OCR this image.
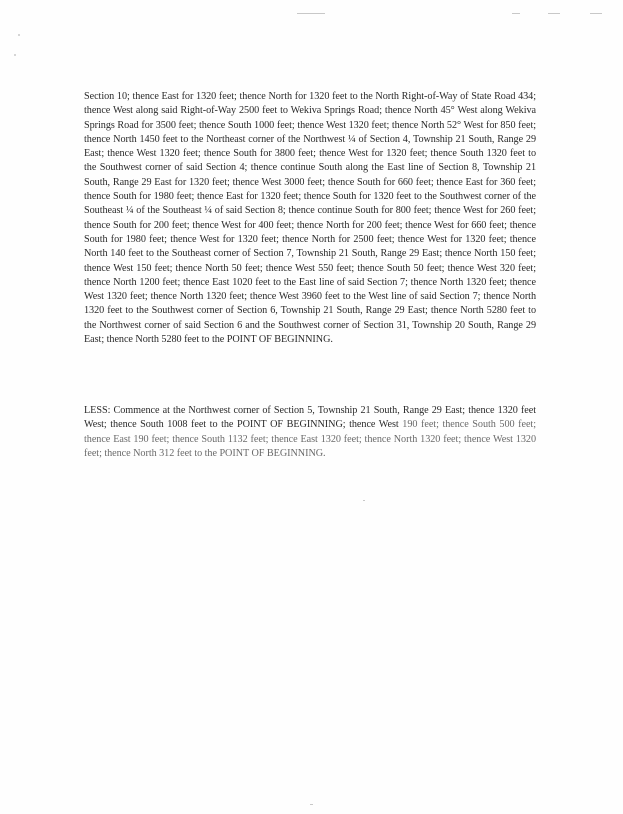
Section 10; thence East for 1320 feet; thence North for 1320 feet to the North Right-of-Way of State Road 434; thence West along said Right-of-Way 2500 feet to Wekiva Springs Road; thence North 45° West along Wekiva Springs Road for 3500 feet; thence South 1000 feet; thence West 1320 feet; thence North 52° West for 850 feet; thence North 1450 feet to the Northeast corner of the Northwest ¼ of Section 4, Township 21 South, Range 29 East; thence West 1320 feet; thence South for 3800 feet; thence West for 1320 feet; thence South 1320 feet to the Southwest corner of said Section 4; thence continue South along the East line of Section 8, Township 21 South, Range 29 East for 1320 feet; thence West 3000 feet; thence South for 660 feet; thence East for 360 feet; thence South for 1980 feet; thence East for 1320 feet; thence South for 1320 feet to the Southwest corner of the Southeast ¼ of the Southeast ¼ of said Section 8; thence continue South for 800 feet; thence West for 260 feet; thence South for 200 feet; thence West for 400 feet; thence North for 200 feet; thence West for 660 feet; thence South for 1980 feet; thence West for 1320 feet; thence North for 2500 feet; thence West for 1320 feet; thence North 140 feet to the Southeast corner of Section 7, Township 21 South, Range 29 East; thence North 150 feet; thence West 150 feet; thence North 50 feet; thence West 550 feet; thence South 50 feet; thence West 320 feet; thence North 1200 feet; thence East 1020 feet to the East line of said Section 7; thence North 1320 feet; thence West 1320 feet; thence North 1320 feet; thence West 3960 feet to the West line of said Section 7; thence North 1320 feet to the Southwest corner of Section 6, Township 21 South, Range 29 East; thence North 5280 feet to the Northwest corner of said Section 6 and the Southwest corner of Section 31, Township 20 South, Range 29 East; thence North 5280 feet to the POINT OF BEGINNING.

LESS: Commence at the Northwest corner of Section 5, Township 21 South, Range 29 East; thence 1320 feet West; thence South 1008 feet to the POINT OF BEGINNING; thence West 190 feet; thence South 500 feet; thence East 190 feet; thence South 1132 feet; thence East 1320 feet; thence North 1320 feet; thence West 1320 feet; thence North 312 feet to the POINT OF BEGINNING.
